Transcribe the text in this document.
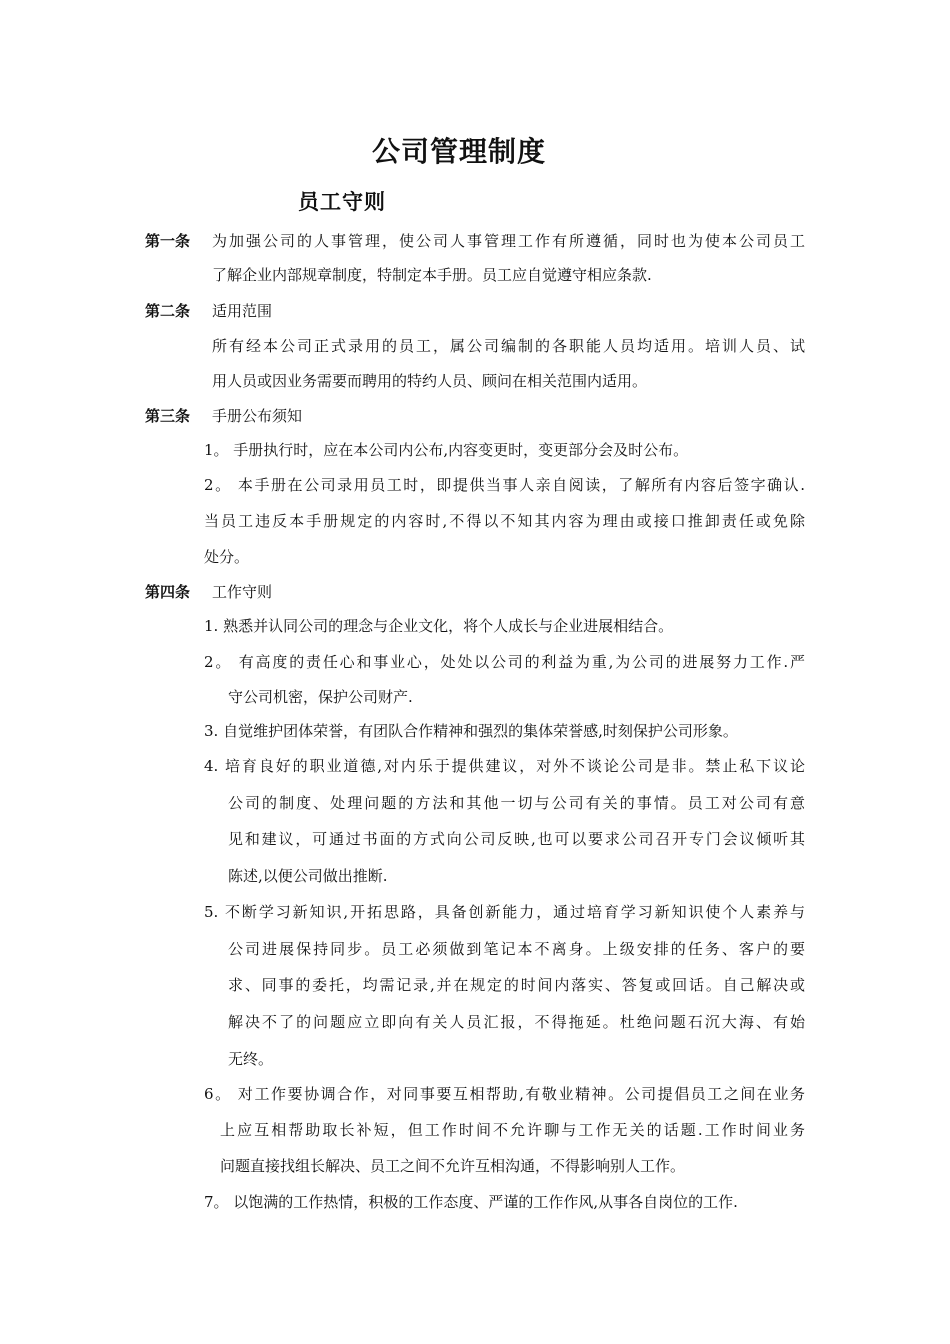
公司管理制度
员工守则
第一条 为加强公司的人事管理，使公司人事管理工作有所遵循，同时也为使本公司员工
了解企业内部规章制度，特制定本手册。员工应自觉遵守相应条款.
第二条 适用范围
所有经本公司正式录用的员工，属公司编制的各职能人员均适用。培训人员、试
用人员或因业务需要而聘用的特约人员、顾问在相关范围内适用。
第三条 手册公布须知
1。 手册执行时，应在本公司内公布,内容变更时，变更部分会及时公布。
2。 本手册在公司录用员工时，即提供当事人亲自阅读，了解所有内容后签字确认.
当员工违反本手册规定的内容时,不得以不知其内容为理由或接口推卸责任或免除
处分。
第四条 工作守则
1. 熟悉并认同公司的理念与企业文化，将个人成长与企业进展相结合。
2。 有高度的责任心和事业心，处处以公司的利益为重,为公司的进展努力工作.严
守公司机密，保护公司财产.
3. 自觉维护团体荣誉，有团队合作精神和强烈的集体荣誉感,时刻保护公司形象。
4. 培育良好的职业道德,对内乐于提供建议，对外不谈论公司是非。禁止私下议论
公司的制度、处理问题的方法和其他一切与公司有关的事情。员工对公司有意
见和建议，可通过书面的方式向公司反映,也可以要求公司召开专门会议倾听其
陈述,以便公司做出推断.
5. 不断学习新知识,开拓思路，具备创新能力，通过培育学习新知识使个人素养与
公司进展保持同步。员工必须做到笔记本不离身。上级安排的任务、客户的要
求、同事的委托，均需记录,并在规定的时间内落实、答复或回话。自己解决或
解决不了的问题应立即向有关人员汇报，不得拖延。杜绝问题石沉大海、有始
无终。
6。 对工作要协调合作，对同事要互相帮助,有敬业精神。公司提倡员工之间在业务
上应互相帮助取长补短，但工作时间不允许聊与工作无关的话题.工作时间业务
问题直接找组长解决、员工之间不允许互相沟通，不得影响别人工作。
7。 以饱满的工作热情，积极的工作态度、严谨的工作作风,从事各自岗位的工作.
